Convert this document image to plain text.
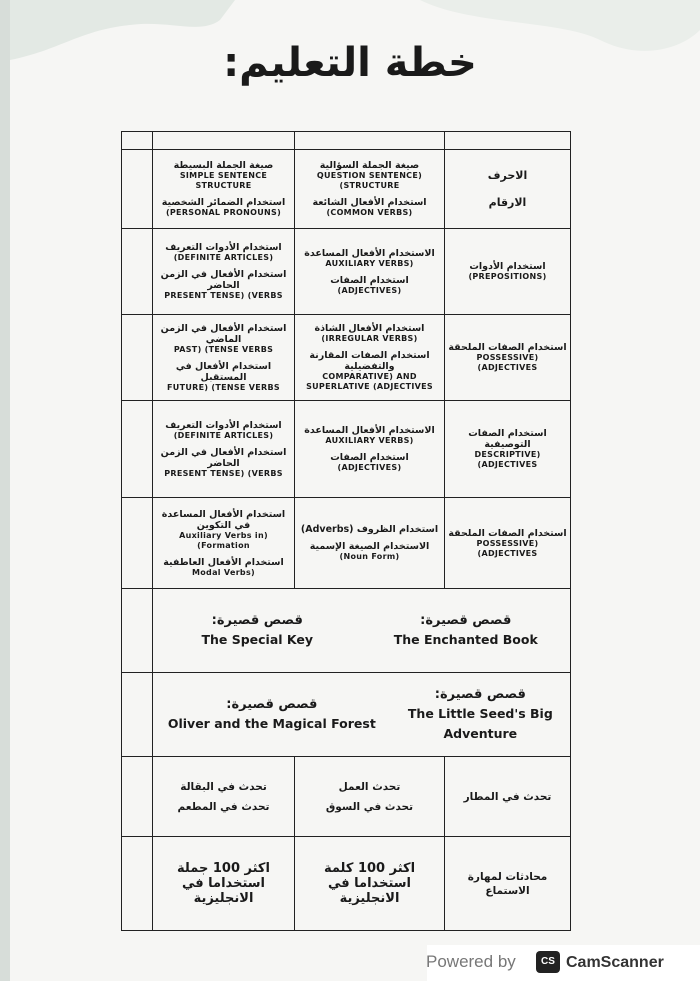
خطة التعليم:

	صيغة الجملة البسيطة
SIMPLE SENTENCE STRUCTURE
استخدام الضمائر الشخصية
(PERSONAL PRONOUNS)	صيغة الجملة السؤالية
QUESTION SENTENCE) (STRUCTURE
استخدام الأفعال الشائعة
(COMMON VERBS)	الاحرف
الارقام

	استخدام الأدوات التعريف
(DEFINITE ARTICLES)
استخدام الأفعال في الزمن الحاضر
PRESENT TENSE) (VERBS	الاستخدام الأفعال المساعدة
AUXILIARY VERBS)
استخدام الصفات
(ADJECTIVES)	استخدام الأدوات
(PREPOSITIONS)

	استخدام الأفعال في الزمن الماضي
PAST) (TENSE VERBS
استخدام الأفعال في المستقبل
FUTURE) (TENSE VERBS	استخدام الأفعال الشاذة
(IRREGULAR VERBS)
استخدام الصفات المقارنة والتفضيلية
COMPARATIVE) AND SUPERLATIVE (ADJECTIVES	استخدام الصفات الملحقة
POSSESSIVE) (ADJECTIVES

	استخدام الأدوات التعريف
(DEFINITE ARTICLES)
استخدام الأفعال في الزمن الحاضر
PRESENT TENSE) (VERBS	الاستخدام الأفعال المساعدة
AUXILIARY VERBS)
استخدام الصفات
(ADJECTIVES)	استخدام الصفات التوصيفية
DESCRIPTIVE) (ADJECTIVES

	استخدام الأفعال المساعدة في التكوين
Auxiliary Verbs in) (Formation
استخدام الأفعال العاطفية
Modal Verbs)	استخدام الظروف (Adverbs)
الاستخدام الصيغة الإسمية
(Noun Form)	استخدام الصفات الملحقة
POSSESSIVE) (ADJECTIVES

	قصص قصيرة:
The Special Key
قصص قصيرة:
The Enchanted Book		

	قصص قصيرة:
Oliver and the Magical Forest
قصص قصيرة:
The Little Seed's Big Adventure		

	تحدث في البقالة
تحدث في المطعم	تحدث العمل
تحدث في السوق	تحدث في المطار

	اكثر 100 جملة استخداما في الانجليزية	اكثر 100 كلمة استخداما في الانجليزية	محادثات لمهارة الاستماع
Powered by	CS CamScanner
